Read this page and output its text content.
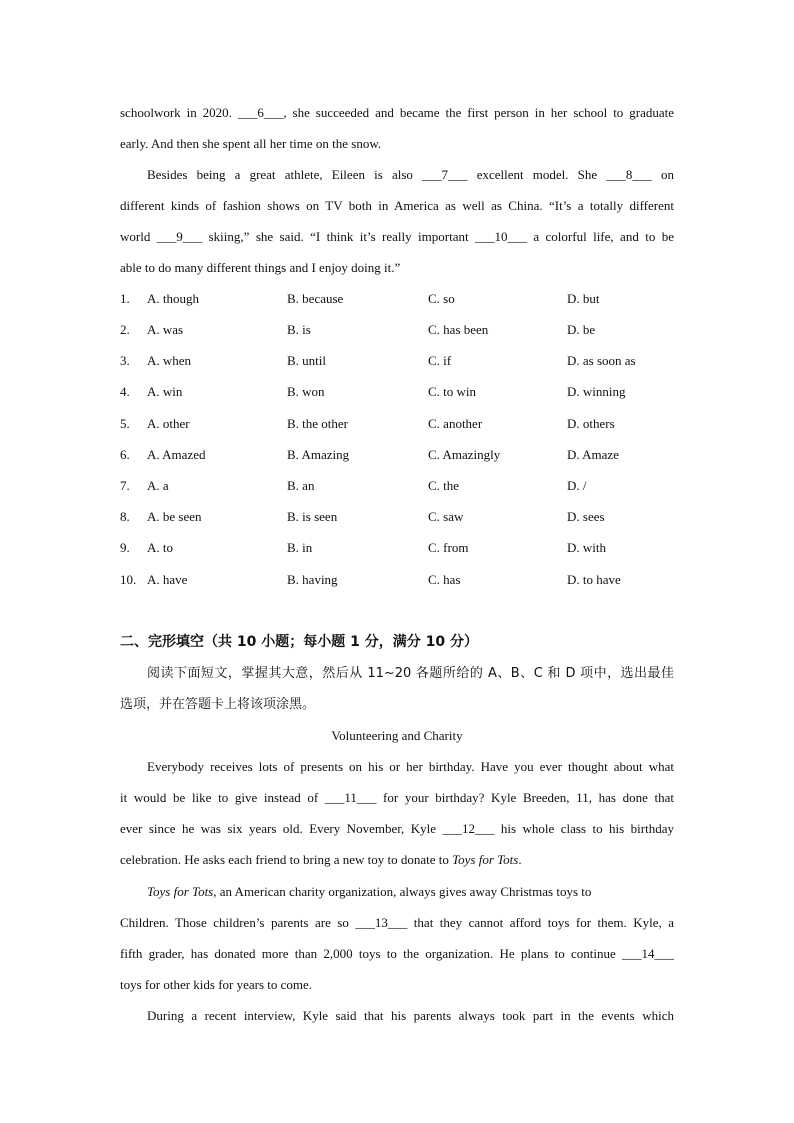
schoolwork in 2020. ___6___, she succeeded and became the first person in her school to graduate
early. And then she spent all her time on the snow.
Besides being a great athlete, Eileen is also ___7___ excellent model. She ___8___ on
different kinds of fashion shows on TV both in America as well as China. “It’s a totally different
world ___9___ skiing,” she said. “I think it’s really important ___10___ a colorful life, and to be
able to do many different things and I enjoy doing it.”
1. A. though	B. because	C. so	D. but
2. A. was	B. is	C. has been	D. be
3. A. when	B. until	C. if	D. as soon as
4. A. win	B. won	C. to win	D. winning
5. A. other	B. the other	C. another	D. others
6. A. Amazed	B. Amazing	C. Amazingly	D. Amaze
7. A. a	B. an	C. the	D. /
8. A. be seen	B. is seen	C. saw	D. sees
9. A. to	B. in	C. from	D. with
10. A. have	B. having	C. has	D. to have
二、完形填空（共 10 小题；每小题 1 分，满分 10 分）
阅读下面短文，掌握其大意，然后从 11~20 各题所给的 A、B、C 和 D 项中，选出最佳
选项，并在答题卡上将该项涂黑。
Volunteering and Charity
Everybody receives lots of presents on his or her birthday. Have you ever thought about what
it would be like to give instead of ___11___ for your birthday? Kyle Breeden, 11, has done that
ever since he was six years old. Every November, Kyle ___12___ his whole class to his birthday
celebration. He asks each friend to bring a new toy to donate to Toys for Tots.
Toys for Tots, an American charity organization, always gives away Christmas toys to
Children. Those children’s parents are so ___13___ that they cannot afford toys for them. Kyle, a
fifth grader, has donated more than 2,000 toys to the organization. He plans to continue ___14___
toys for other kids for years to come.
During a recent interview, Kyle said that his parents always took part in the events which
